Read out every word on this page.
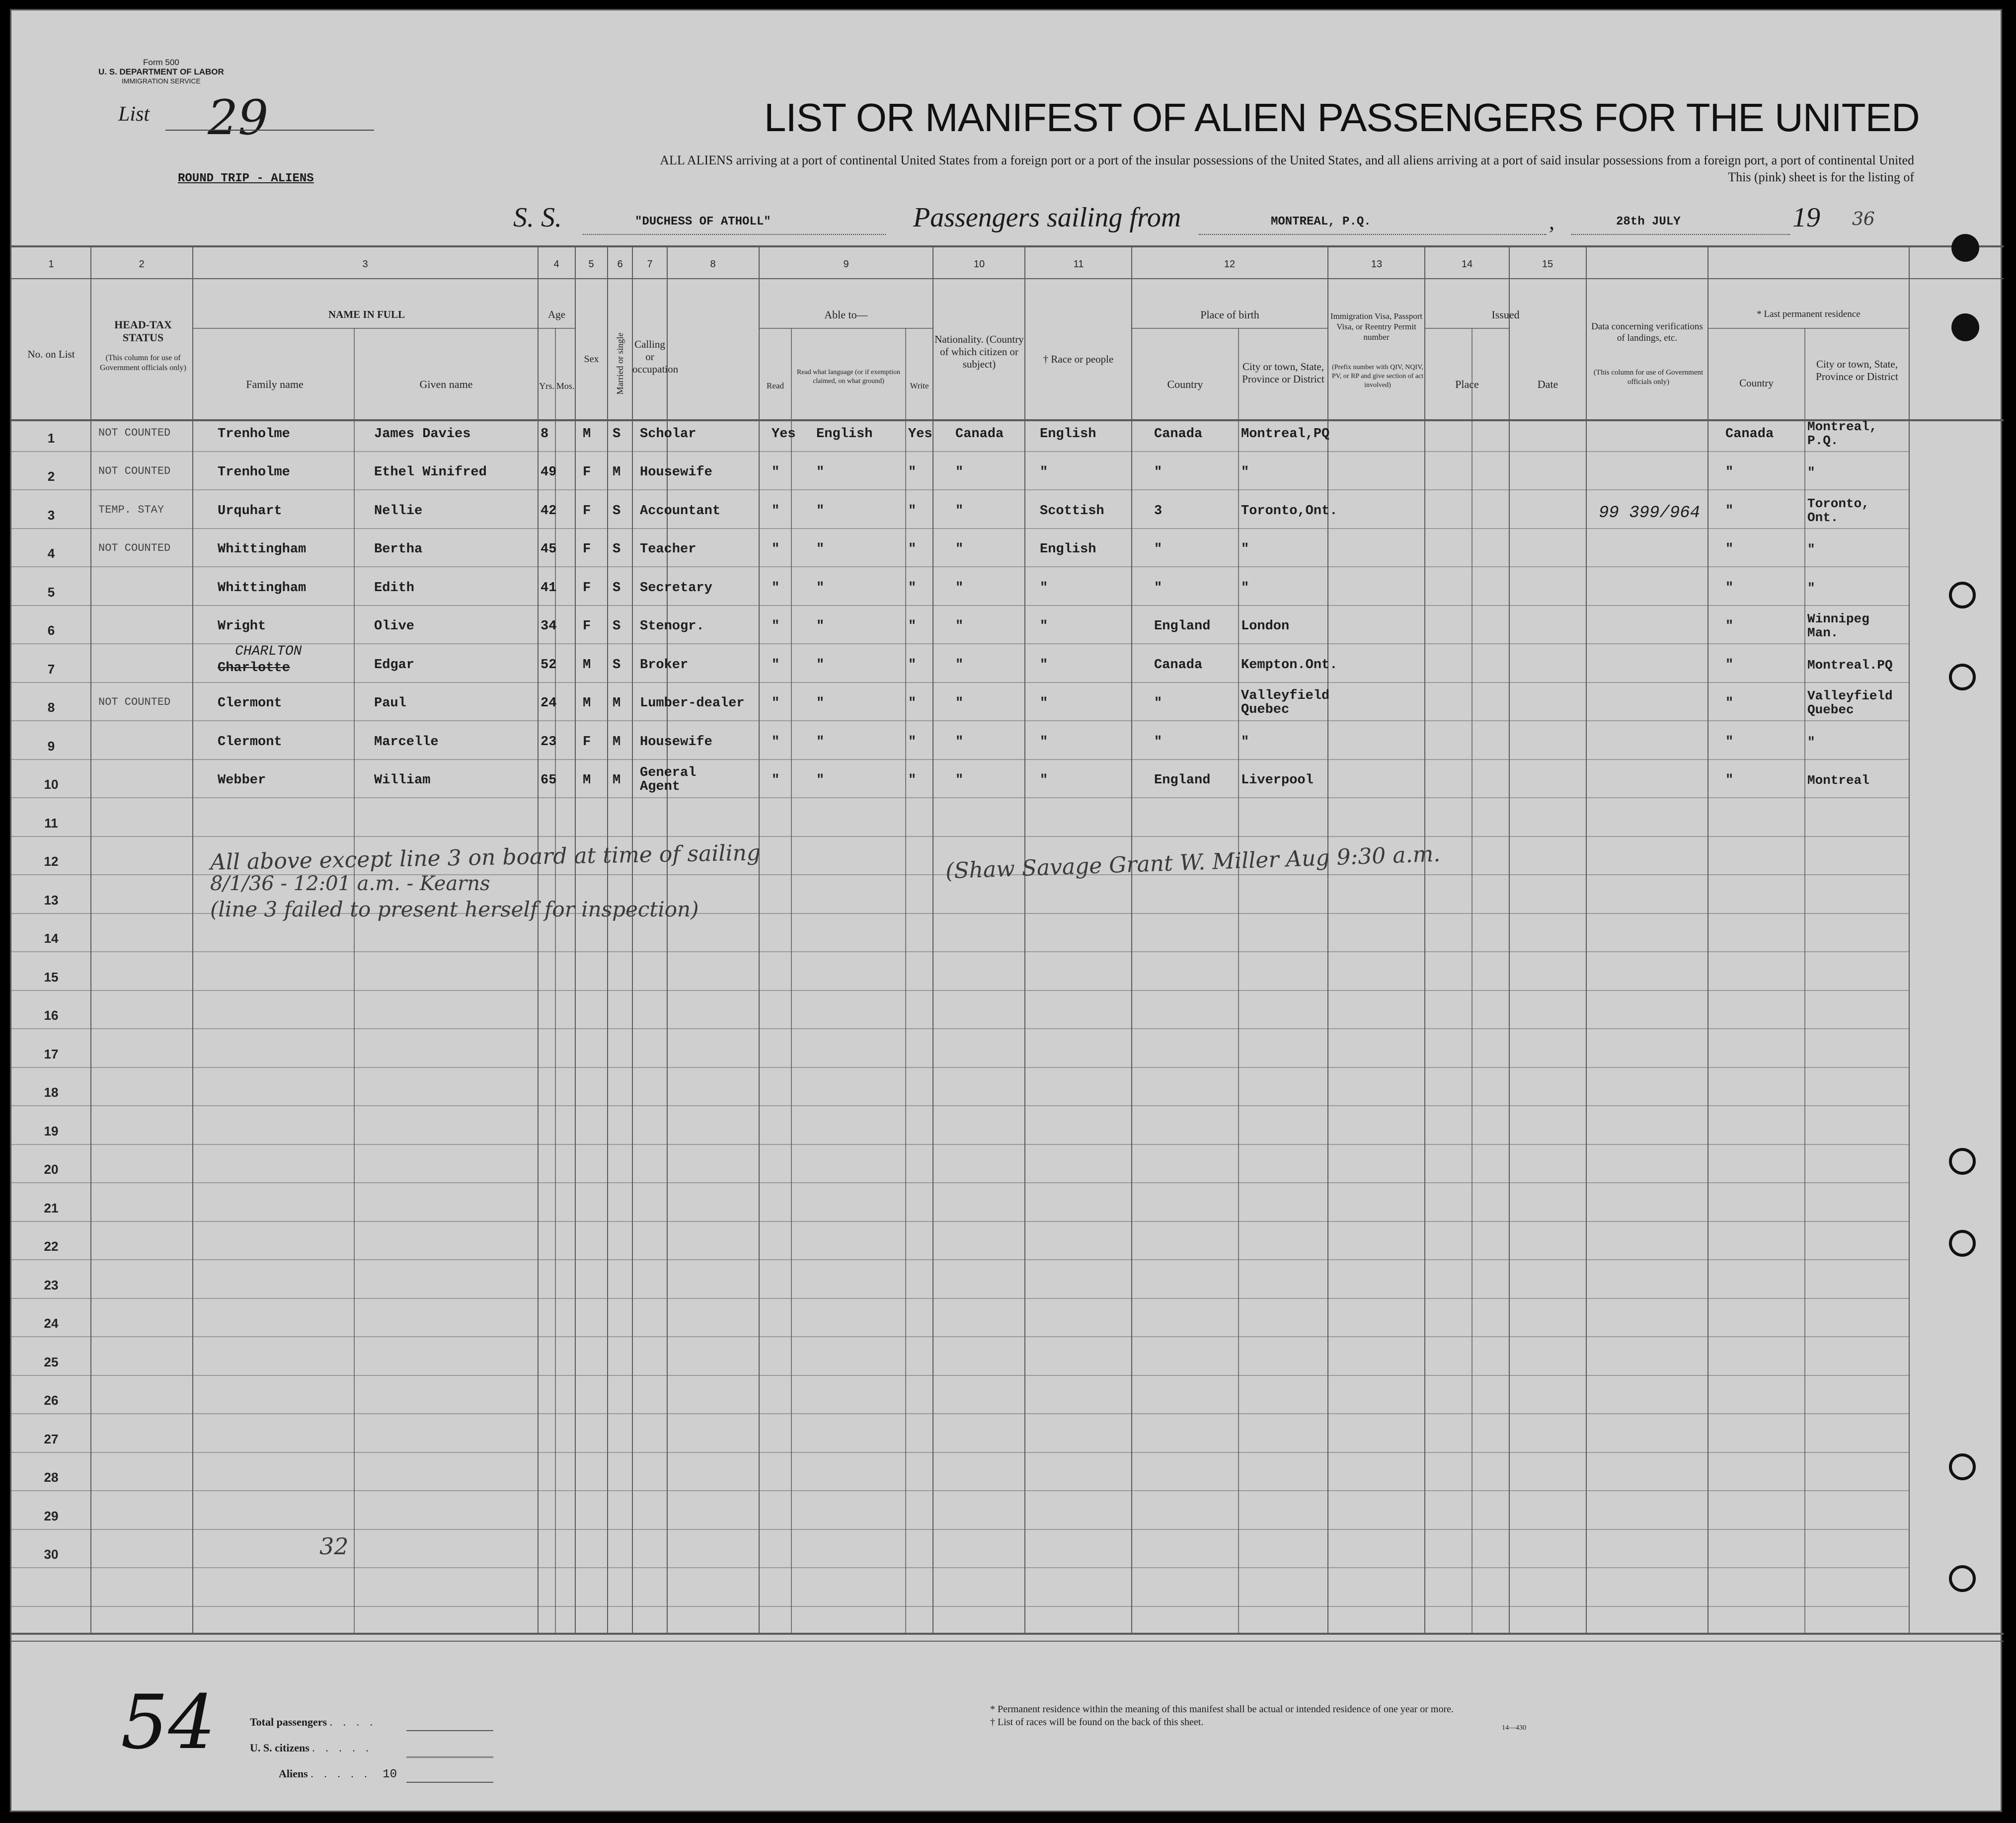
Form 500
U. S. DEPARTMENT OF LABOR
IMMIGRATION SERVICE
List 29
ROUND TRIP - ALIENS
LIST OR MANIFEST OF ALIEN PASSENGERS FOR THE UNITED
ALL ALIENS arriving at a port of continental United States from a foreign port or a port of the insular possessions of the United States, and all aliens arriving at a port of said insular possessions from a foreign port, a port of continental United
This (pink) sheet is for the listing of
S. S.	"DUCHESS OF ATHOLL"	Passengers sailing from	MONTREAL, P.Q.	,	28th JULY	19 36
1	2	3	4	5	6	7	8	9	10	11	12	13	14	15
No. on List
HEAD-TAX STATUS
(This column for use of Government officials only)
NAME IN FULL
Family name	Given name
Age
Yrs. Mos.
Sex	Married or single Calling or occupation
Able to—
Read
Read what language (or if exemption claimed, on what ground)	Write
Nationality. (Country of which citizen or subject)	† Race or people
Place of birth
Country
City or town, State, Province or District
Immigration Visa, Passport Visa, or Reentry Permit number
(Prefix number with QIV, NQIV, PV, or RP and give section of act involved)
Issued
Place	Date
Data concerning verifications of landings, etc.
(This column for use of Government officials only)
* Last permanent residence
Country
City or town, State, Province or District
1
2
3
4
5
6
7
8
9
10
11
12
13
14
15
16
17
18
19
20
21
22
23
24
25
26
27
28
29
30
NOT COUNTED	Trenholme	James Davies	8	M S Scholar	Yes English	Yes Canada	English	Canada	Montreal,PQ	Canada	Montreal, P.Q.
NOT COUNTED	Trenholme	Ethel Winifred	49 F M Housewife	"	"	"	"	"	"	"	"	"
TEMP. STAY	Urquhart	Nellie	42 F S Accountant	"	"	"	"	Scottish	3	Toronto,Ont.	99 399/964 "	Toronto, Ont.
NOT COUNTED	Whittingham	Bertha	45 F S Teacher	"	"	"	"	English	"	"	"	"
Whittingham	Edith	41 F S Secretary	"	"	"	"	"	"	"	"	"
Wright	Olive	34 F S Stenogr.	"	"	"	"	"	England London	"	Winnipeg Man.
CHARLTON
Charlotte	Edgar	52 M S Broker	"	"	"	"	"	Canada	Kempton.Ont.	"	Montreal.PQ
NOT COUNTED	Clermont	Paul	24 M M Lumber-dealer "	"	"	"	"	"	Valleyfield Quebec	"	Valleyfield Quebec
Clermont	Marcelle	23 F M Housewife	"	"	"	"	"	"	"	"	"
Webber	William	65 M M General Agent	"	"	"	"	"	England Liverpool	"	Montreal
All above except line 3 on board at time of sailing
8/1/36 - 12:01 a.m. - Kearns
(line 3 failed to present herself for inspection)
(Shaw Savage Grant W. Miller Aug 9:30 a.m.
32
54	Total passengers . . . .
U. S. citizens . . . . .
Aliens . . . . . 10
* Permanent residence within the meaning of this manifest shall be actual or intended residence of one year or more.
† List of races will be found on the back of this sheet.
14—430
